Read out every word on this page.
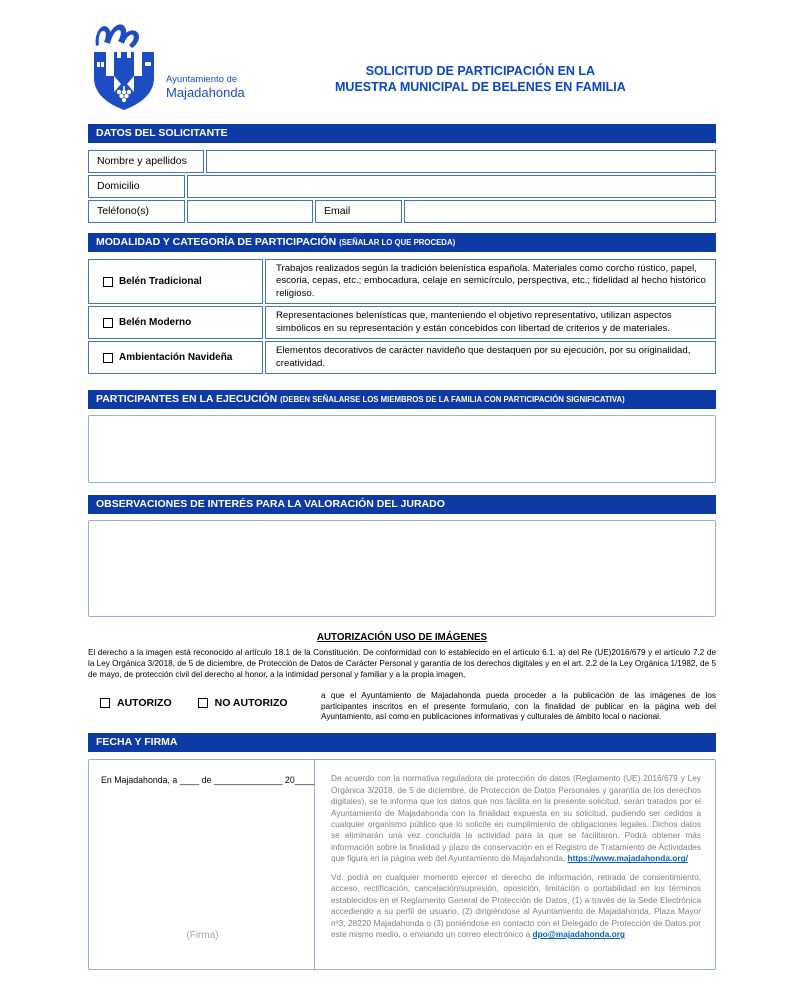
Ayuntamiento de
Majadahonda
SOLICITUD DE PARTICIPACIÓN EN LA
MUESTRA MUNICIPAL DE BELENES EN FAMILIA
DATOS DEL SOLICITANTE
Nombre y apellidos
Domicilio
Teléfono(s)	Email
MODALIDAD Y CATEGORÍA DE PARTICIPACIÓN (SEÑALAR LO QUE PROCEDA)
Belén Tradicional
Trabajos realizados según la tradición belenística española. Materiales como corcho rústico, papel, escoria, cepas, etc.; embocadura, celaje en semicírculo, perspectiva, etc.; fidelidad al hecho histórico religioso.
Belén Moderno
Representaciones belenísticas que, manteniendo el objetivo representativo, utilizan aspectos simbólicos en su representación y están concebidos con libertad de criterios y de materiales.
Ambientación Navideña
Elementos decorativos de carácter navideño que destaquen por su ejecución, por su originalidad, creatividad.
PARTICIPANTES EN LA EJECUCIÓN (DEBEN SEÑALARSE LOS MIEMBROS DE LA FAMILIA CON PARTICIPACIÓN SIGNIFICATIVA)
OBSERVACIONES DE INTERÉS PARA LA VALORACIÓN DEL JURADO
AUTORIZACIÓN USO DE IMÁGENES
El derecho a la imagen está reconocido al artículo 18.1 de la Constitución. De conformidad con lo establecido en el artículo 6.1. a) del Re (UE)2016/679 y el artículo 7.2 de la Ley Orgánica 3/2018, de 5 de diciembre, de Protección de Datos de Carácter Personal y garantía de los derechos digitales y en el art. 2.2 de la Ley Orgánica 1/1982, de 5 de mayo, de protección civil del derecho al honor, a la intimidad personal y familiar y a la propia imagen,
AUTORIZO	NO AUTORIZO
a que el Ayuntamiento de Majadahonda pueda proceder a la publicación de las imágenes de los participantes inscritos en el presente formulario, con la finalidad de publicar en la página web del Ayuntamiento, así como en publicaciones informativas y culturales de ámbito local o nacional.
FECHA Y FIRMA
En Majadahonda, a ____ de ______________ 20____
(Firma)
De acuerdo con la normativa reguladora de protección de datos (Reglamento (UE) 2016/679 y Ley Orgánica 3/2018, de 5 de diciembre, de Protección de Datos Personales y garantía de los derechos digitales), se le informa que los datos que nos facilita en la presente solicitud, serán tratados por el Ayuntamiento de Majadahonda con la finalidad expuesta en su solicitud, pudiendo ser cedidos a cualquier organismo público que lo solicite en cumplimiento de obligaciones legales. Dichos datos se eliminarán una vez concluida la actividad para la que se facilitaron. Podrá obtener más información sobre la finalidad y plazo de conservación en el Registro de Tratamiento de Actividades que figura en la página web del Ayuntamiento de Majadahonda, https://www.majadahonda.org/
Vd. podrá en cualquier momento ejercer el derecho de información, retirada de consentimiento, acceso, rectificación, cancelación/supresión, oposición, limitación o portabilidad en los términos establecidos en el Reglamento General de Protección de Datos, (1) a través de la Sede Electrónica accediendo a su perfil de usuario, (2) dirigiéndose al Ayuntamiento de Majadahonda, Plaza Mayor nº3, 28220 Majadahonda o (3) poniéndose en contacto con el Delegado de Protección de Datos por este mismo medio, o enviando un correo electrónico a dpo@majadahonda.org
